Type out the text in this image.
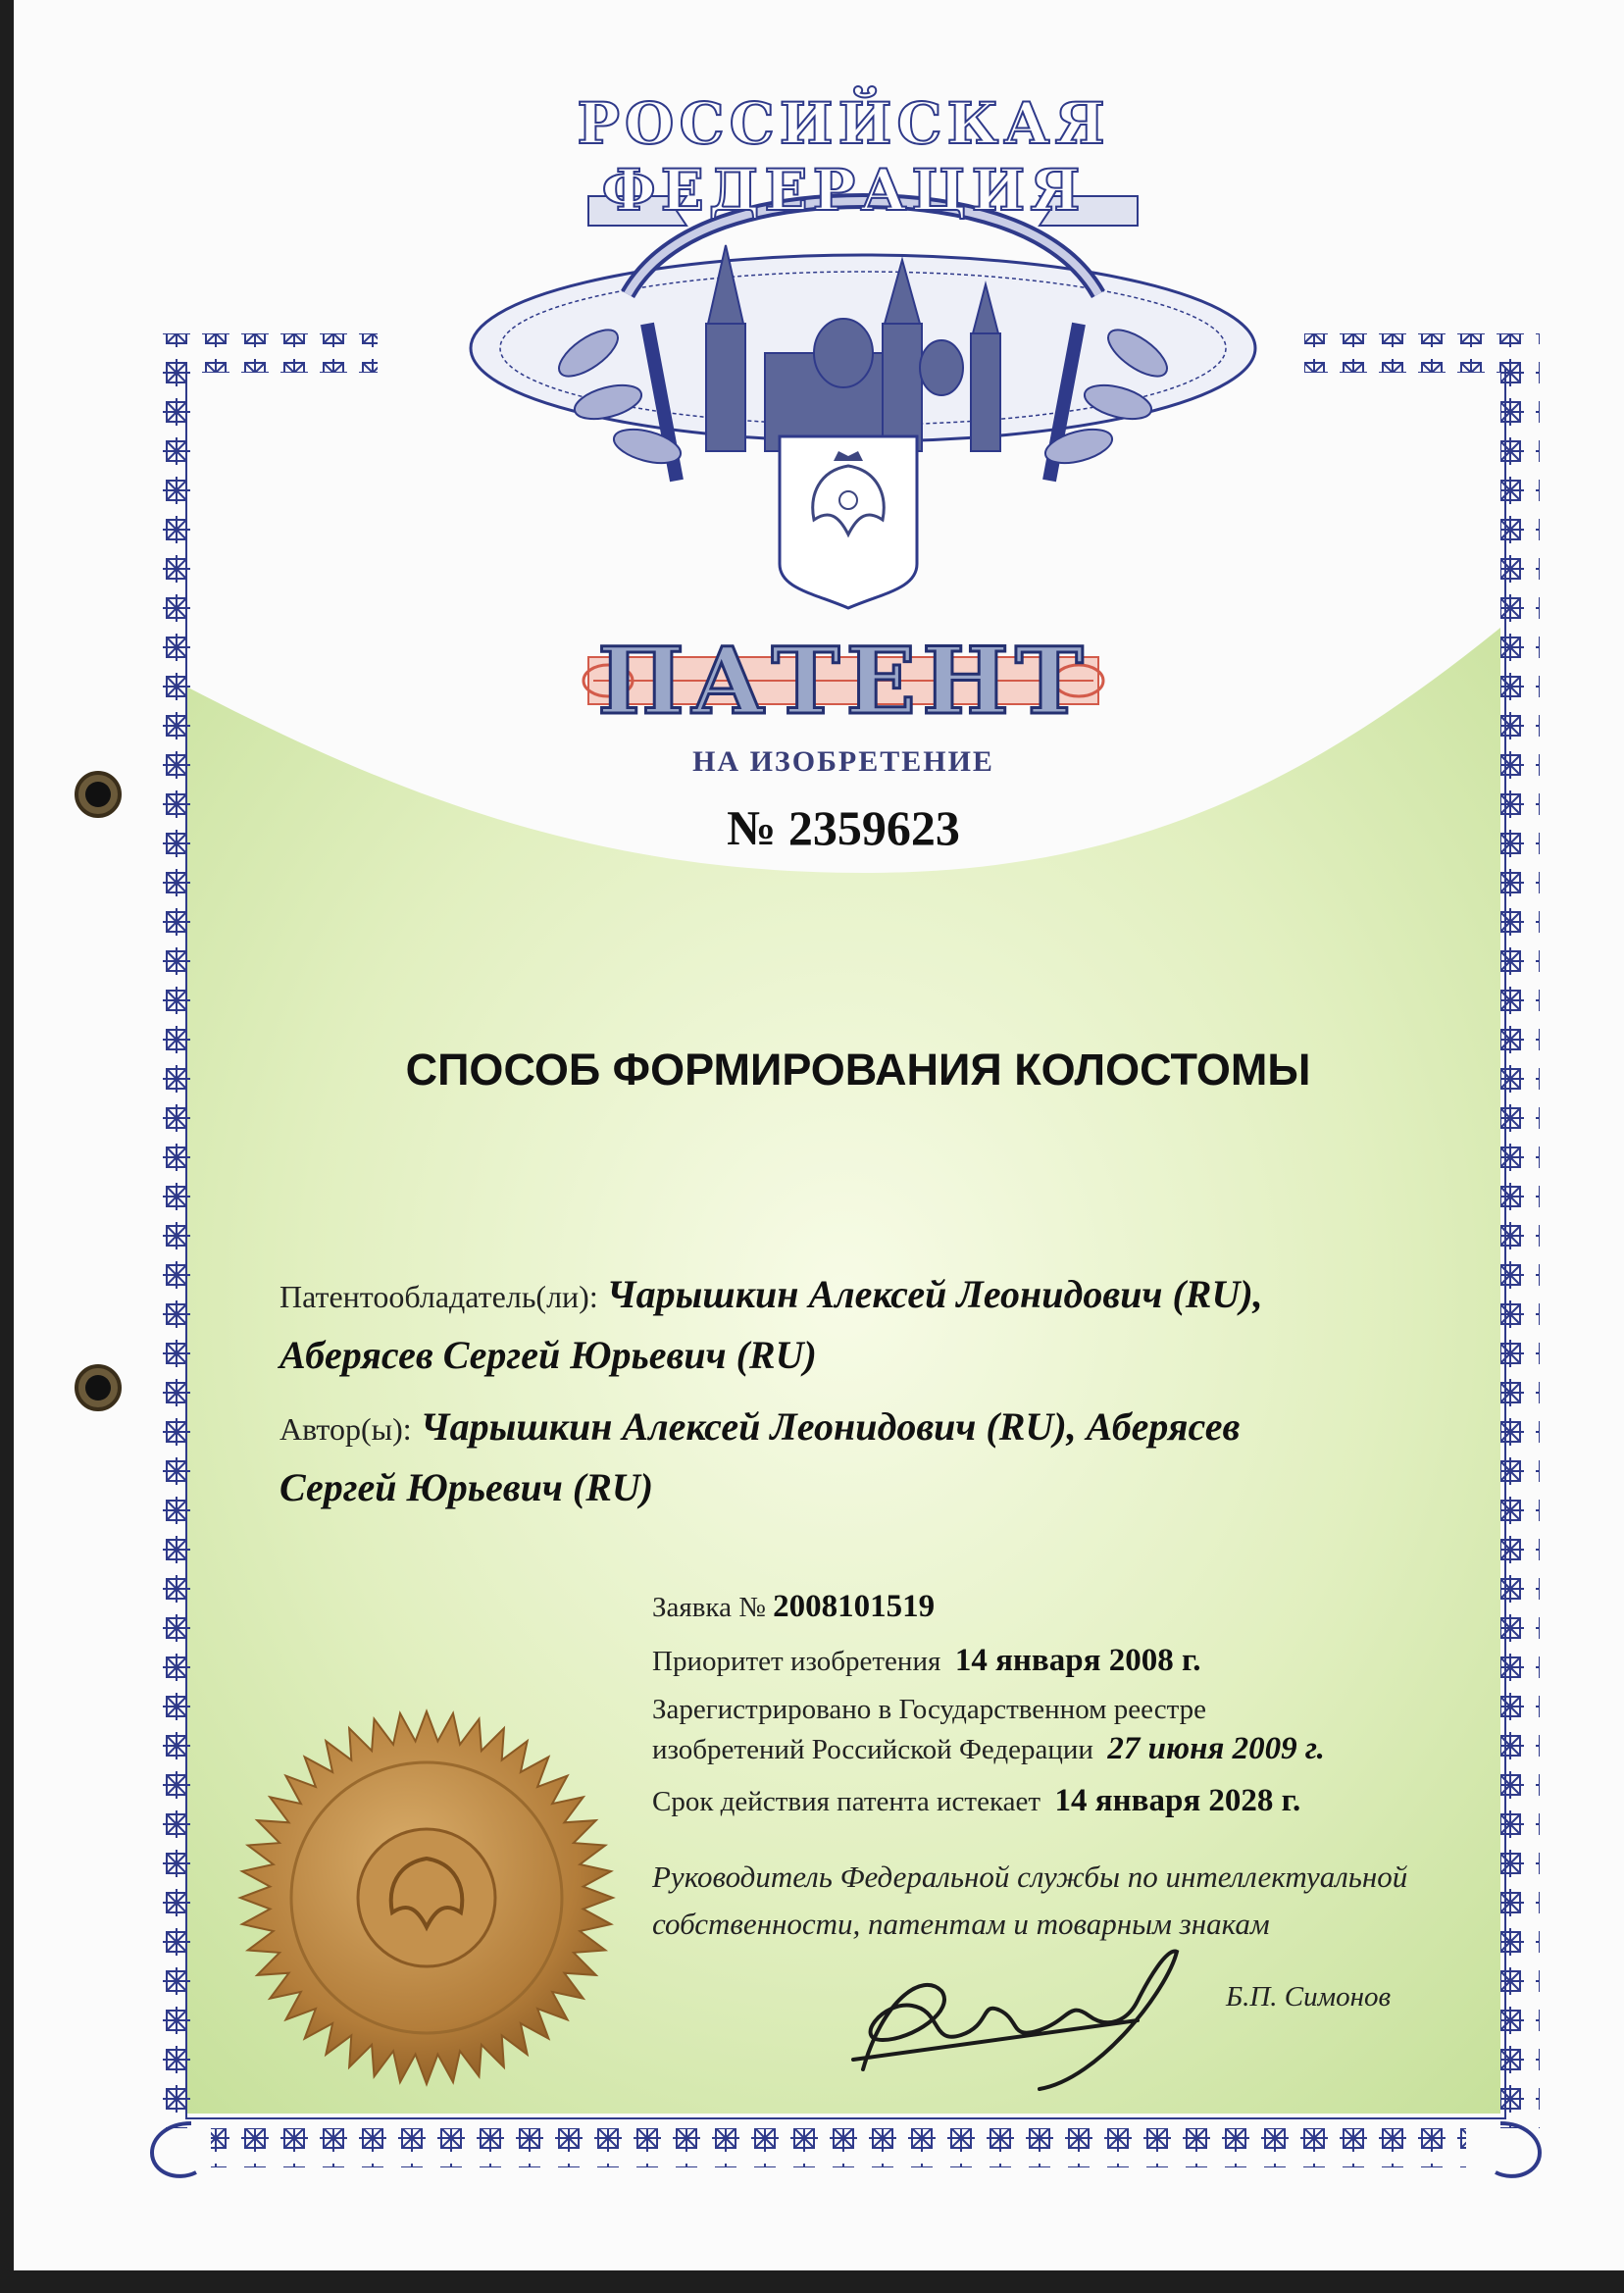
РОССИЙСКАЯ ФЕДЕРАЦИЯ
ПАТЕНТ
НА ИЗОБРЕТЕНИЕ
№ 2359623
СПОСОБ ФОРМИРОВАНИЯ КОЛОСТОМЫ
Патентообладатель(ли): Чарышкин Алексей Леонидович (RU),
Аберясев Сергей Юрьевич (RU)
Автор(ы): Чарышкин Алексей Леонидович (RU), Аберясев
Сергей Юрьевич (RU)
Заявка № 2008101519
Приоритет изобретения 14 января 2008 г.
Зарегистрировано в Государственном реестре
изобретений Российской Федерации 27 июня 2009 г.
Срок действия патента истекает 14 января 2028 г.
Руководитель Федеральной службы по интеллектуальной
собственности, патентам и товарным знакам
Б.П. Симонов
